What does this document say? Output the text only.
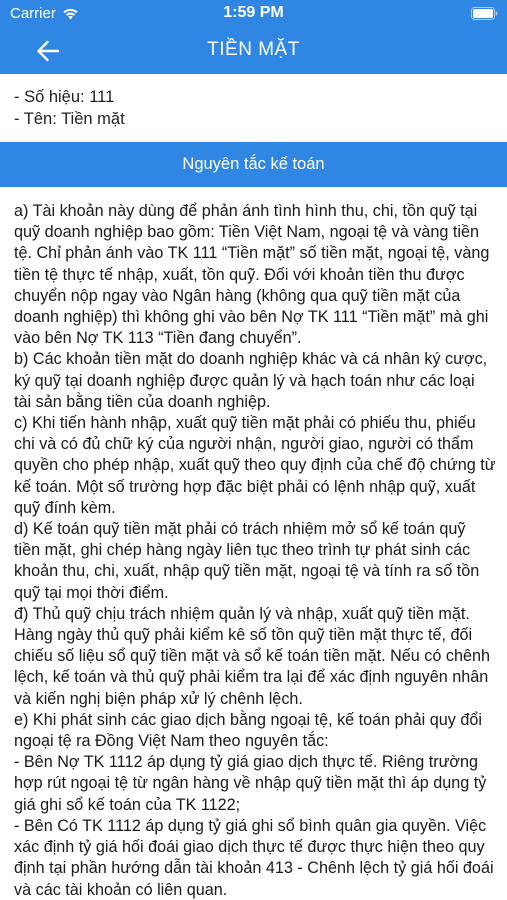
Carrier	1:59 PM
TIỀN MẶT
- Số hiệu: 111
- Tên: Tiền mặt
Nguyên tắc kế toán

a) Tài khoản này dùng để phản ánh tình hình thu, chi, tồn quỹ tại quỹ doanh nghiệp bao gồm: Tiền Việt Nam, ngoại tệ và vàng tiền tệ. Chỉ phản ánh vào TK 111 “Tiền mặt” số tiền mặt, ngoại tệ, vàng tiền tệ thực tế nhập, xuất, tồn quỹ. Đối với khoản tiền thu được chuyển nộp ngay vào Ngân hàng (không qua quỹ tiền mặt của doanh nghiệp) thì không ghi vào bên Nợ TK 111 “Tiền mặt” mà ghi vào bên Nợ TK 113 “Tiền đang chuyển”.

b) Các khoản tiền mặt do doanh nghiệp khác và cá nhân ký cược, ký quỹ tại doanh nghiệp được quản lý và hạch toán như các loại tài sản bằng tiền của doanh nghiệp.

c) Khi tiến hành nhập, xuất quỹ tiền mặt phải có phiếu thu, phiếu chi và có đủ chữ ký của người nhận, người giao, người có thẩm quyền cho phép nhập, xuất quỹ theo quy định của chế độ chứng từ kế toán. Một số trường hợp đặc biệt phải có lệnh nhập quỹ, xuất quỹ đính kèm.

d) Kế toán quỹ tiền mặt phải có trách nhiệm mở sổ kế toán quỹ tiền mặt, ghi chép hàng ngày liên tục theo trình tự phát sinh các khoản thu, chi, xuất, nhập quỹ tiền mặt, ngoại tệ và tính ra số tồn quỹ tại mọi thời điểm.

đ) Thủ quỹ chịu trách nhiệm quản lý và nhập, xuất quỹ tiền mặt. Hàng ngày thủ quỹ phải kiểm kê số tồn quỹ tiền mặt thực tế, đối chiếu số liệu sổ quỹ tiền mặt và sổ kế toán tiền mặt. Nếu có chênh lệch, kế toán và thủ quỹ phải kiểm tra lại để xác định nguyên nhân và kiến nghị biện pháp xử lý chênh lệch.

e) Khi phát sinh các giao dịch bằng ngoại tệ, kế toán phải quy đổi ngoại tệ ra Đồng Việt Nam theo nguyên tắc:

- Bên Nợ TK 1112 áp dụng tỷ giá giao dịch thực tế. Riêng trường hợp rút ngoại tệ từ ngân hàng về nhập quỹ tiền mặt thì áp dụng tỷ giá ghi sổ kế toán của TK 1122;

- Bên Có TK 1112 áp dụng tỷ giá ghi sổ bình quân gia quyền. Việc xác định tỷ giá hối đoái giao dịch thực tế được thực hiện theo quy định tại phần hướng dẫn tài khoản 413 - Chênh lệch tỷ giá hối đoái và các tài khoản có liên quan.
